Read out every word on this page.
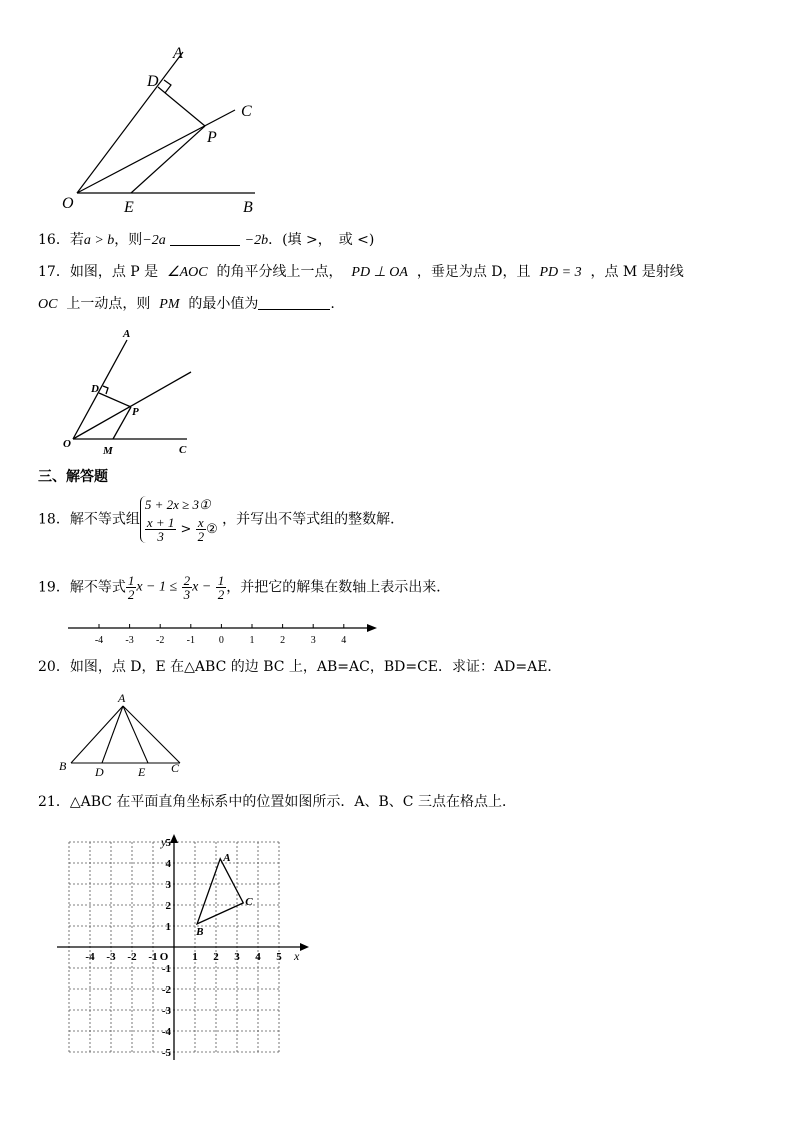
A
D
C
P
O	E	B
16．若a > b，则−2a	−2b．(填 >，　或 <)
17．如图，点 P 是 ∠AOC 的角平分线上一点， PD ⊥ OA ，垂足为点 D，且 PD = 3 ，点 M 是射线
OC 上一动点，则 PM 的最小值为	.
A
D
P
O
M	C
三、解答题
18．解不等式组
5 + 2x ≥ 3①
$\frac{x + 1}{3} > \frac{x}{2}$ ②
，并写出不等式组的整数解．
19．解不等式 $\frac{1}{2}$ $x - 1 \le \frac{2}{3}$ $x - \frac{1}{2}$ ，并把它的解集在数轴上表示出来．
-4 -3 -2 -1 0	1	2	3	4
20．如图，点 D，E 在△ABC 的边 BC 上，AB=AC，BD=CE．求证：AD=AE．
A
B D	E C
21．△ABC 在平面直角坐标系中的位置如图所示．A、B、C 三点在格点上．
x
y
-4 -3 -2 -1 O 1 2 3 4 5
5
4
3
2
1
-1
-2
-3
-4
-5
A
B
C
